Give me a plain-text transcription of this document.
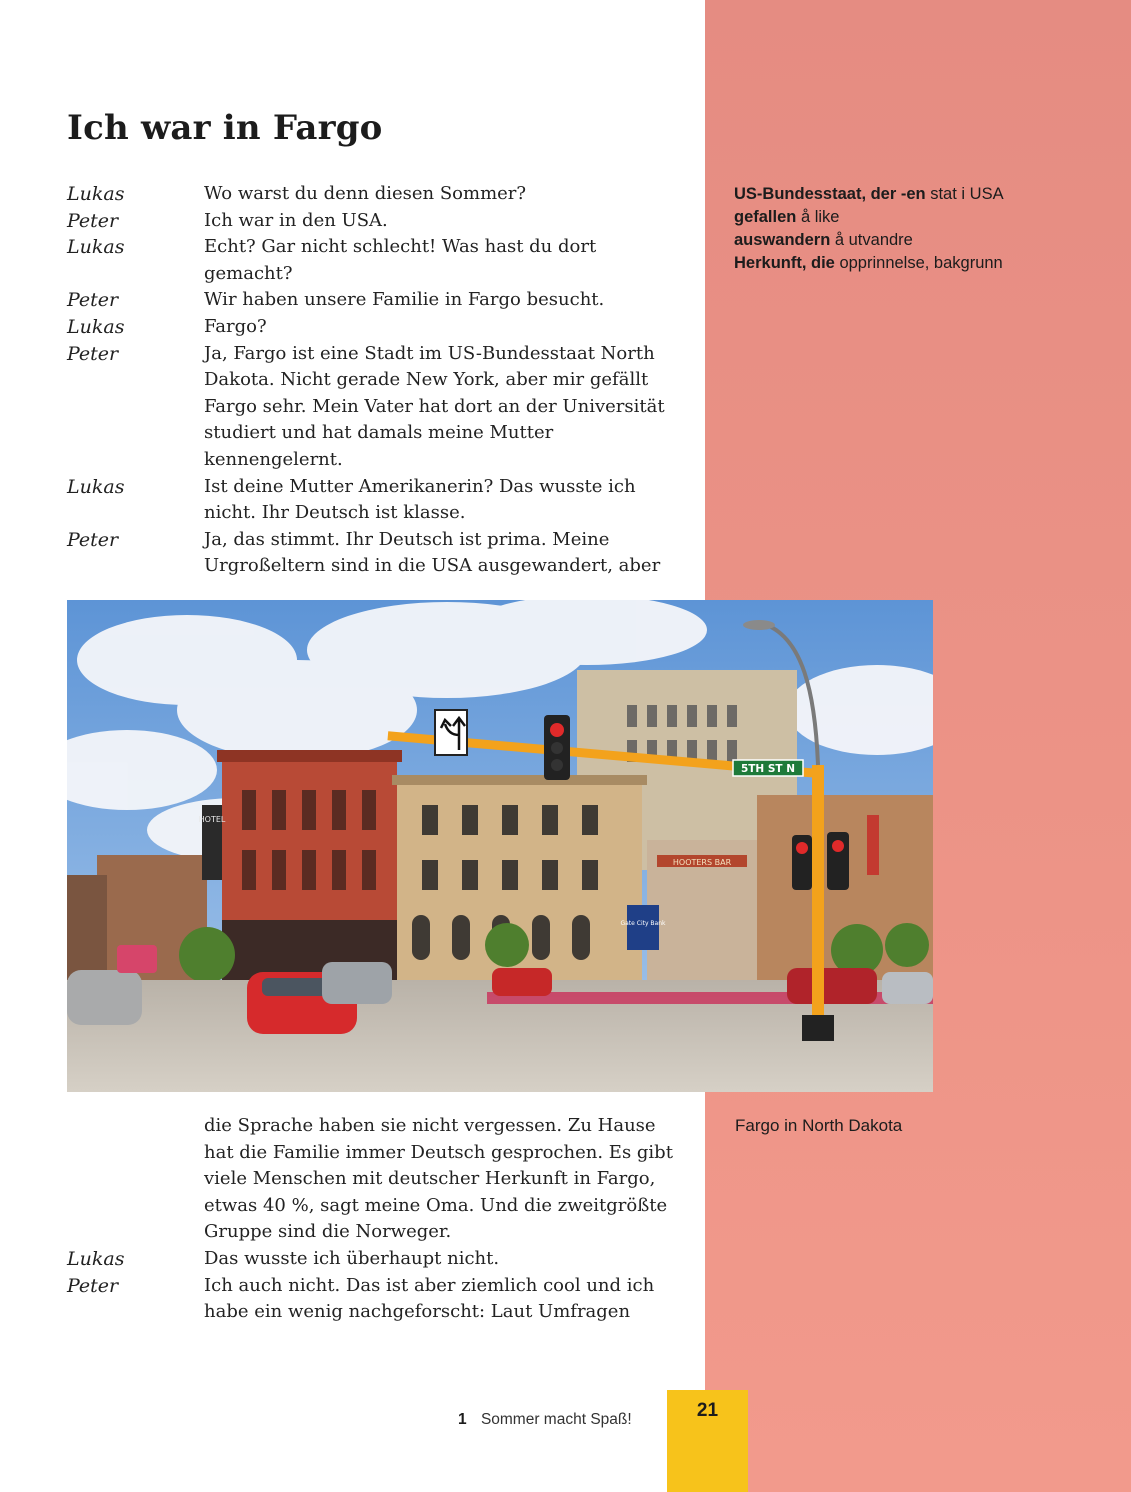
Ich war in Fargo
Lukas	Wo warst du denn diesen Sommer?
Peter	Ich war in den USA.
Lukas	Echt? Gar nicht schlecht! Was hast du dort gemacht?
Peter	Wir haben unsere Familie in Fargo besucht.
Lukas	Fargo?
Peter	Ja, Fargo ist eine Stadt im US-Bundesstaat North Dakota. Nicht gerade New York, aber mir gefällt Fargo sehr. Mein Vater hat dort an der Universität studiert und hat damals meine Mutter kennengelernt.
Lukas	Ist deine Mutter Amerikanerin? Das wusste ich nicht. Ihr Deutsch ist klasse.
Peter	Ja, das stimmt. Ihr Deutsch ist prima. Meine Urgroßeltern sind in die USA ausgewandert, aber
US-Bundesstaat, der -en stat i USA
gefallen å like
auswandern å utvandre
Herkunft, die opprinnelse, bakgrunn
HOTEL
HOOTERS BAR
Gate City Bank
5TH ST N
Fargo in North Dakota
die Sprache haben sie nicht vergessen. Zu Hause hat die Familie immer Deutsch gesprochen. Es gibt viele Menschen mit deutscher Herkunft in Fargo, etwas 40 %, sagt meine Oma. Und die zweitgrößte Gruppe sind die Norweger.
Lukas	Das wusste ich überhaupt nicht.
Peter	Ich auch nicht. Das ist aber ziemlich cool und ich habe ein wenig nachgeforscht: Laut Umfragen
1 Sommer macht Spaß!	21
